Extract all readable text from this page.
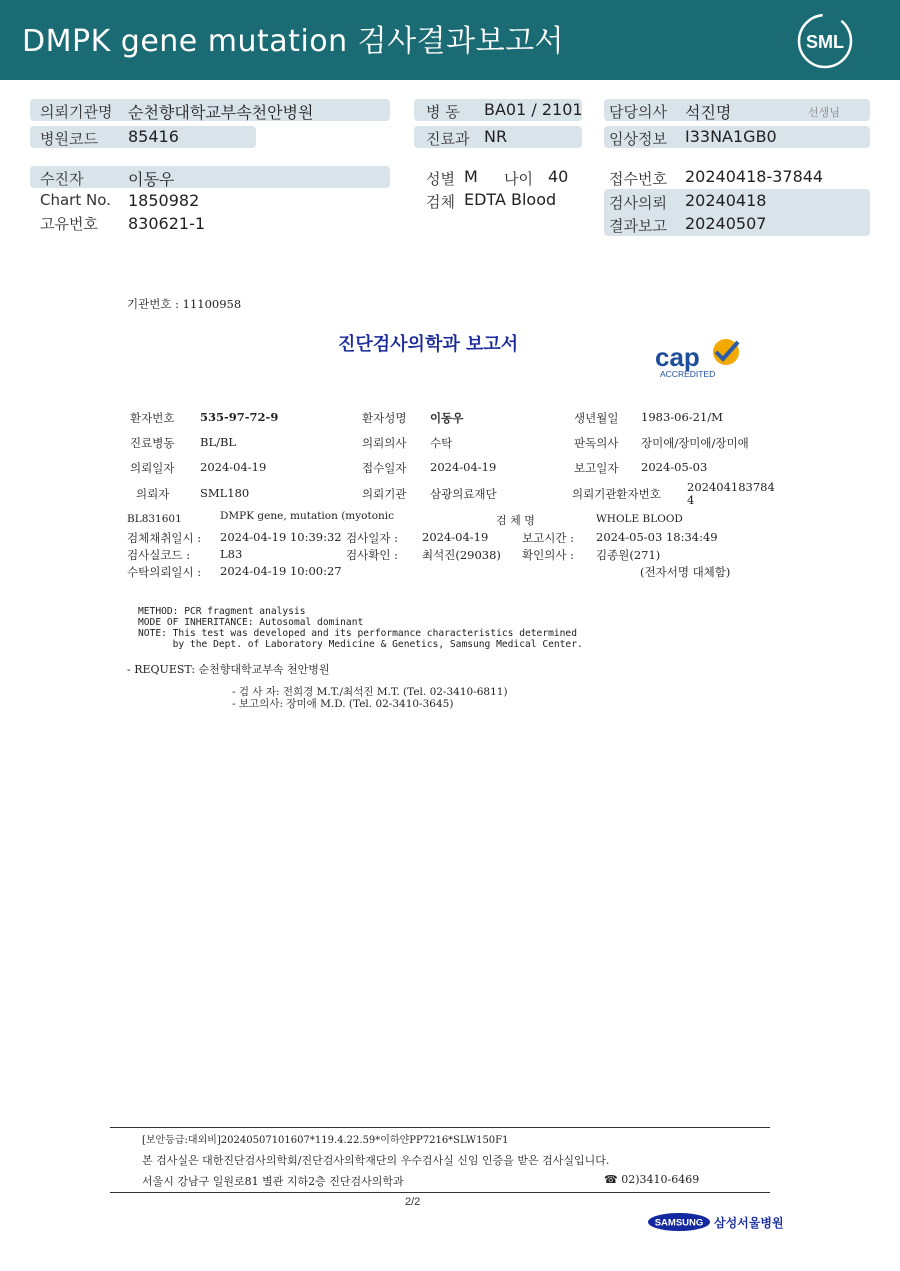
DMPK gene mutation 검사결과보고서	SML
의뢰기관명 순천향대학교부속천안병원	병 동 BA01 / 2101 담당의사 석진명	선생님
병원코드 85416	진료과 NR	임상정보 I33NA1GB0
수진자	이동우	성별 M 나이 40	접수번호 20240418-37844
Chart No. 1850982	검체 EDTA Blood	검사의뢰 20240418
고유번호 830621-1	결과보고 20240507
기관번호 : 11100958
진단검사의학과 보고서	cap
ACCREDITED
환자번호 535-97-72-9	환자성명 이동우	생년월일 1983-06-21/M
진료병동 BL/BL	의뢰의사 수탁	판독의사 장미애/장미애/장미애
의뢰일자 2024-04-19	접수일자 2024-04-19	보고일자 2024-05-03
의뢰자	SML180	의뢰기관 삼광의료재단	의뢰기관환자번호 202404183784
4
BL831601	DMPK gene, mutation (myotonic	검 체 명	WHOLE BLOOD
검체채취일시 : 2024-04-19 10:39:32 검사일자 : 2024-04-19	보고시간 : 2024-05-03 18:34:49
검사실코드 :	L83	검사확인 : 최석진(29038) 확인의사 : 김종원(271)
수탁의뢰일시 : 2024-04-19 10:00:27	(전자서명 대체함)
METHOD: PCR fragment analysis
MODE OF INHERITANCE: Autosomal dominant
NOTE: This test was developed and its performance characteristics determined
by the Dept. of Laboratory Medicine & Genetics, Samsung Medical Center.
- REQUEST: 순천향대학교부속 천안병원
- 검 사 자: 전희경 M.T./최석진 M.T. (Tel. 02-3410-6811)
- 보고의사: 장미애 M.D. (Tel. 02-3410-3645)
[보안등급:대외비]20240507101607*119.4.22.59*이하얀PP7216*SLW150F1
본 검사실은 대한진단검사의학회/진단검사의학재단의 우수검사실 신임 인증을 받은 검사실입니다.
서울시 강남구 일원로81 별관 지하2층 진단검사의학과	☎ 02)3410-6469
2/2
SAMSUNG 삼성서울병원
